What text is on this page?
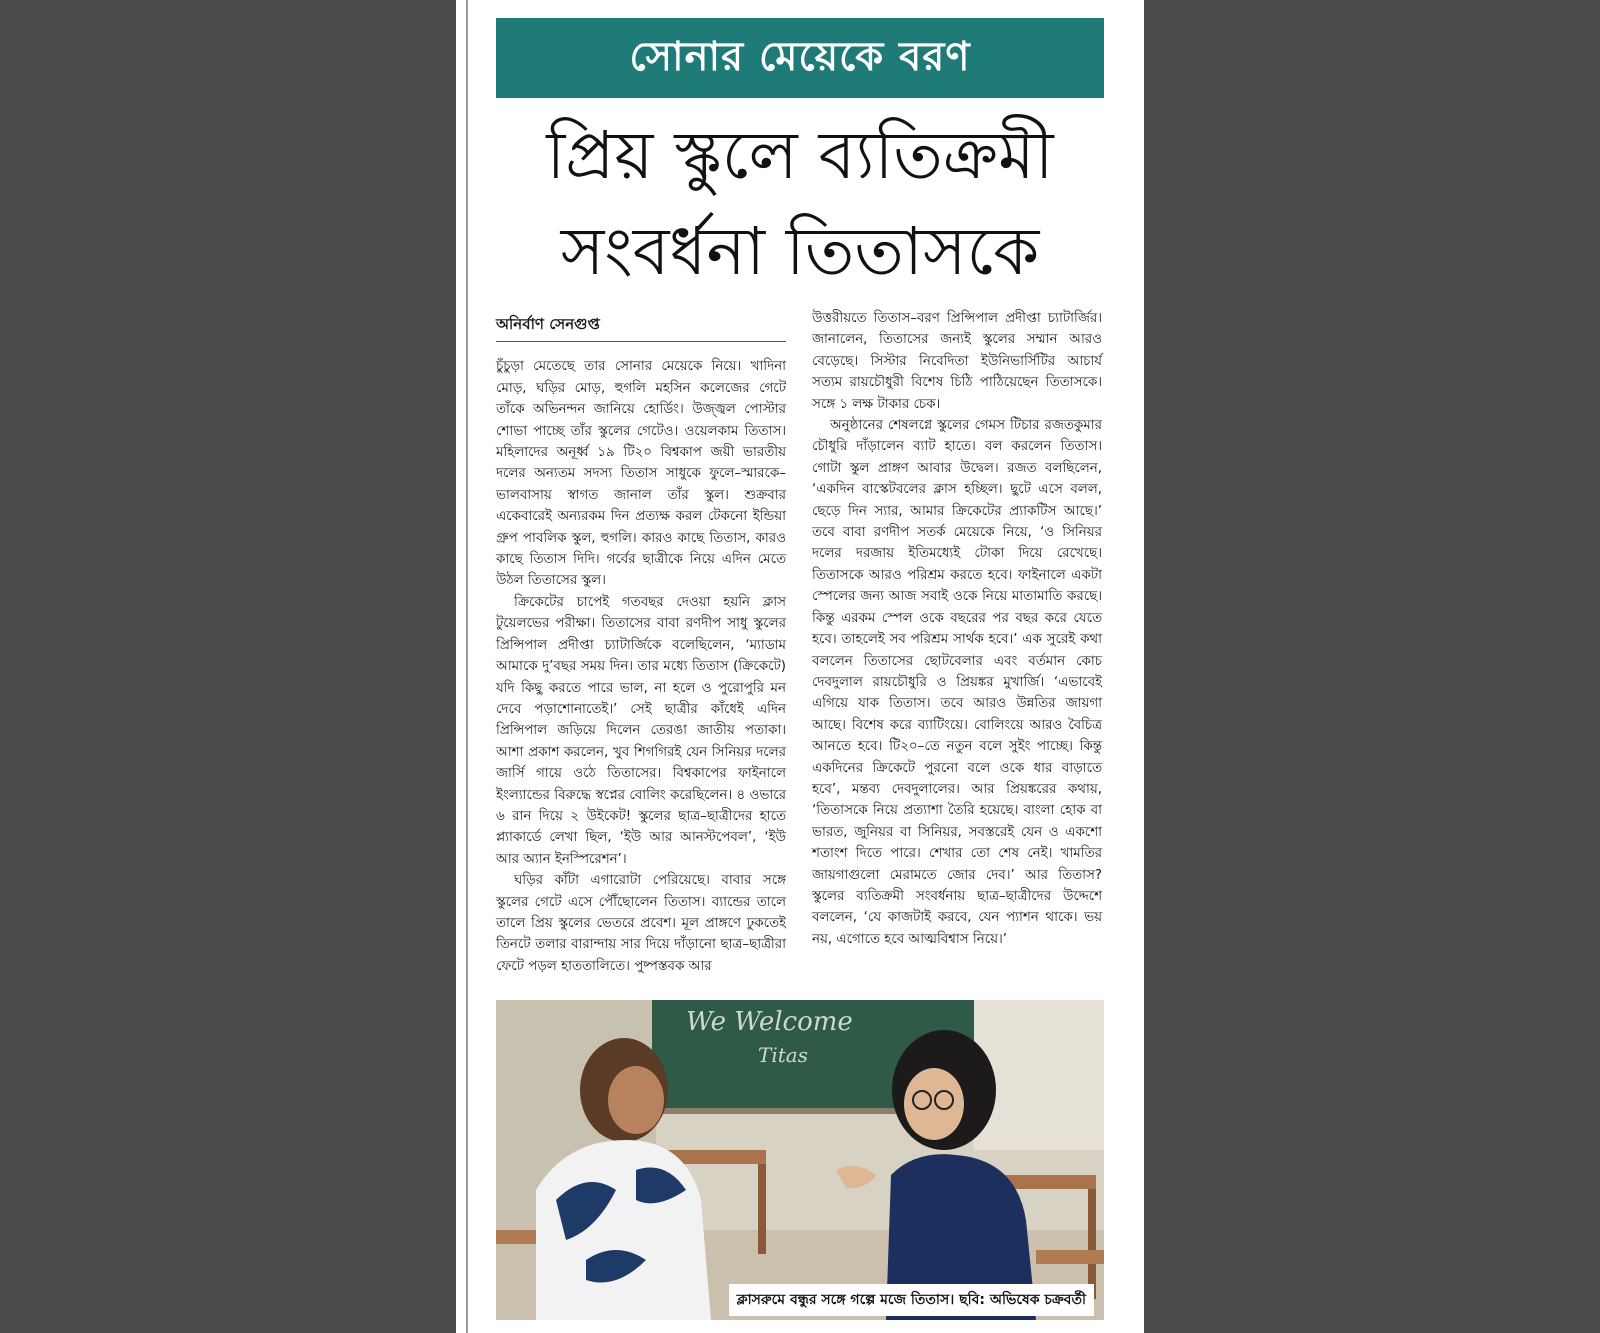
সোনার মেয়েকে বরণ
প্রিয় স্কুলে ব্যতিক্রমী
সংবর্ধনা তিতাসকে
অনির্বাণ সেনগুপ্ত

চুঁচুড়া মেতেছে তার সোনার মেয়েকে নিয়ে। খাদিনা মোড়, ঘড়ির মোড়, হুগলি মহসিন কলেজের গেটে তাঁকে অভিনন্দন জানিয়ে হোর্ডিং। উজ্জ্বল পোস্টার শোভা পাচ্ছে তাঁর স্কুলের গেটেও। ওয়েলকাম তিতাস। মহিলাদের অনূর্ধ্ব ১৯ টি২০ বিশ্বকাপ জয়ী ভারতীয় দলের অন্যতম সদস্য তিতাস সাধুকে ফুলে–স্মারকে–ভালবাসায় স্বাগত জানাল তাঁর স্কুল। শুক্রবার একেবারেই অন্যরকম দিন প্রত্যক্ষ করল টেকনো ইন্ডিয়া গ্রুপ পাবলিক স্কুল, হুগলি। কারও কাছে তিতাস, কারও কাছে তিতাস দিদি। গর্বের ছাত্রীকে নিয়ে এদিন মেতে উঠল তিতাসের স্কুল।

ক্রিকেটের চাপেই গতবছর দেওয়া হয়নি ক্লাস টুয়েলভের পরীক্ষা। তিতাসের বাবা রণদীপ সাধু স্কুলের প্রিন্সিপাল প্রদীপ্তা চ্যাটার্জিকে বলেছিলেন, ‘ম্যাডাম আমাকে দু’বছর সময় দিন। তার মধ্যে তিতাস (ক্রিকেটে) যদি কিছু করতে পারে ভাল, না হলে ও পুরোপুরি মন দেবে পড়াশোনাতেই।’ সেই ছাত্রীর কাঁধেই এদিন প্রিন্সিপাল জড়িয়ে দিলেন তেরঙা জাতীয় পতাকা। আশা প্রকাশ করলেন, খুব শিগগিরই যেন সিনিয়র দলের জার্সি গায়ে ওঠে তিতাসের। বিশ্বকাপের ফাইনালে ইংল্যান্ডের বিরুদ্ধে স্বপ্নের বোলিং করেছিলেন। ৪ ওভারে ৬ রান দিয়ে ২ উইকেট! স্কুলের ছাত্র–ছাত্রীদের হাতে প্ল্যাকার্ডে লেখা ছিল, ‘ইউ আর আনস্টপেবল’, ‘ইউ আর অ্যান ইনস্পিরেশন’।

ঘড়ির কাঁটা এগারোটা পেরিয়েছে। বাবার সঙ্গে স্কুলের গেটে এসে পৌঁছোলেন তিতাস। ব্যান্ডের তালে তালে প্রিয় স্কুলের ভেতরে প্রবেশ। মূল প্রাঙ্গণে ঢুকতেই তিনটে তলার বারান্দায় সার দিয়ে দাঁড়ানো ছাত্র–ছাত্রীরা ফেটে পড়ল হাততালিতে। পুষ্পস্তবক আর

উত্তরীয়তে তিতাস–বরণ প্রিন্সিপাল প্রদীপ্তা চ্যাটার্জির। জানালেন, তিতাসের জন্যই স্কুলের সম্মান আরও বেড়েছে। সিস্টার নিবেদিতা ইউনিভার্সিটির আচার্য সত্যম রায়চৌধুরী বিশেষ চিঠি পাঠিয়েছেন তিতাসকে। সঙ্গে ১ লক্ষ টাকার চেক।

অনুষ্ঠানের শেষলগ্নে স্কুলের গেমস টিচার রজতকুমার চৌধুরি দাঁড়ালেন ব্যাট হাতে। বল করলেন তিতাস। গোটা স্কুল প্রাঙ্গণ আবার উদ্বেল। রজত বলছিলেন, ‘একদিন বাস্কেটবলের ক্লাস হচ্ছিল। ছুটে এসে বলল, ছেড়ে দিন স্যার, আমার ক্রিকেটের প্র্যাকটিস আছে।’ তবে বাবা রণদীপ সতর্ক মেয়েকে নিয়ে, ‘ও সিনিয়র দলের দরজায় ইতিমধ্যেই টোকা দিয়ে রেখেছে। তিতাসকে আরও পরিশ্রম করতে হবে। ফাইনালে একটা স্পেলের জন্য আজ সবাই ওকে নিয়ে মাতামাতি করছে। কিন্তু এরকম স্পেল ওকে বছরের পর বছর করে যেতে হবে। তাহলেই সব পরিশ্রম সার্থক হবে।’ এক সুরেই কথা বললেন তিতাসের ছোটবেলার এবং বর্তমান কোচ দেবদুলাল রায়চৌধুরি ও প্রিয়ঙ্কর মুখার্জি। ‘এভাবেই এগিয়ে যাক তিতাস। তবে আরও উন্নতির জায়গা আছে। বিশেষ করে ব্যাটিংয়ে। বোলিংয়ে আরও বৈচিত্র আনতে হবে। টি২০–তে নতুন বলে সুইং পাচ্ছে। কিন্তু একদিনের ক্রিকেটে পুরনো বলে ওকে ধার বাড়াতে হবে’, মন্তব্য দেবদুলালের। আর প্রিয়ঙ্করের কথায়, ‘তিতাসকে নিয়ে প্রত্যাশা তৈরি হয়েছে। বাংলা হোক বা ভারত, জুনিয়র বা সিনিয়র, সবস্তরেই যেন ও একশো শতাংশ দিতে পারে। শেখার তো শেষ নেই। খামতির জায়গাগুলো মেরামতে জোর দেব।’ আর তিতাস? স্কুলের ব্যতিক্রমী সংবর্ধনায় ছাত্র–ছাত্রীদের উদ্দেশে বললেন, ‘যে কাজটাই করবে, যেন প্যাশন থাকে। ভয় নয়, এগোতে হবে আত্মবিশ্বাস নিয়ে।’

We Welcome
Titas
ক্লাসরুমে বন্ধুর সঙ্গে গল্পে মজে তিতাস। ছবি: অভিষেক চক্রবর্তী
